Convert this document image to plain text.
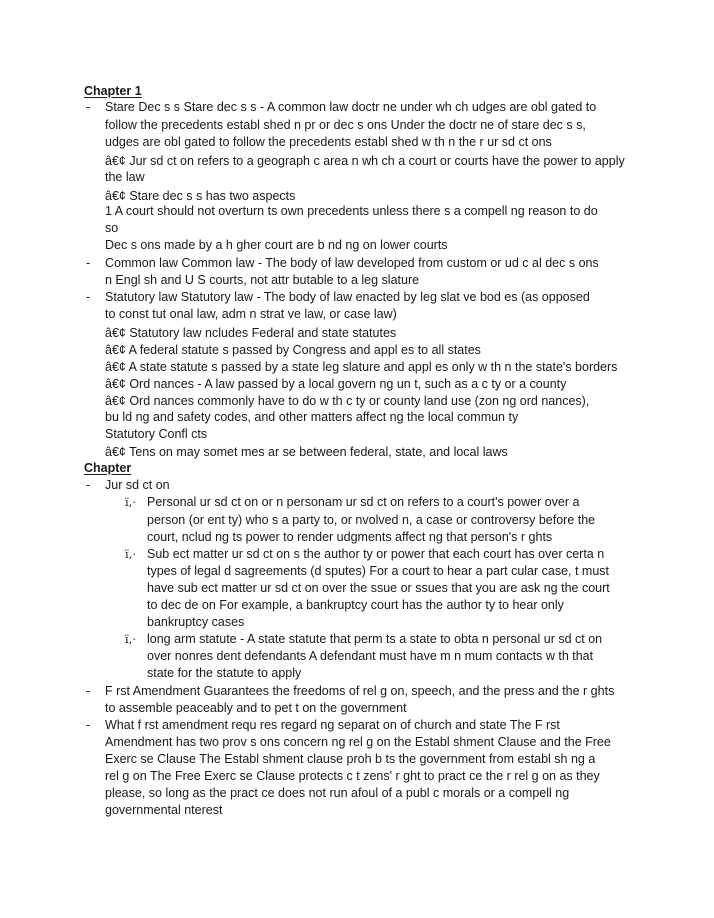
Chapter 1
- Stare Dec s s Stare dec s s - A common law doctr ne under wh ch udges are obl gated to
follow the precedents establ shed n pr or dec s ons Under the doctr ne of stare dec s s,
udges are obl gated to follow the precedents establ shed w th n the r ur sd ct ons
â€¢ Jur sd ct on refers to a geograph c area n wh ch a court or courts have the power to apply
the law
â€¢ Stare dec s s has two aspects
1 A court should not overturn ts own precedents unless there s a compell ng reason to do
so
Dec s ons made by a h gher court are b nd ng on lower courts
- Common law Common law - The body of law developed from custom or ud c al dec s ons
n Engl sh and U S courts, not attr butable to a leg slature
- Statutory law Statutory law - The body of law enacted by leg slat ve bod es (as opposed
to const tut onal law, adm n strat ve law, or case law)
â€¢ Statutory law ncludes Federal and state statutes
â€¢ A federal statute s passed by Congress and appl es to all states
â€¢ A state statute s passed by a state leg slature and appl es only w th n the state's borders
â€¢ Ord nances - A law passed by a local govern ng un t, such as a c ty or a county
â€¢ Ord nances commonly have to do w th c ty or county land use (zon ng ord nances),
bu ld ng and safety codes, and other matters affect ng the local commun ty
Statutory Confl cts
â€¢ Tens on may somet mes ar se between federal, state, and local laws
Chapter
- Jur sd ct on
ï‚· Personal ur sd ct on or n personam ur sd ct on refers to a court's power over a
person (or ent ty) who s a party to, or nvolved n, a case or controversy before the
court, nclud ng ts power to render udgments affect ng that person's r ghts
ï‚· Sub ect matter ur sd ct on s the author ty or power that each court has over certa n
types of legal d sagreements (d sputes) For a court to hear a part cular case, t must
have sub ect matter ur sd ct on over the ssue or ssues that you are ask ng the court
to dec de on For example, a bankruptcy court has the author ty to hear only
bankruptcy cases
ï‚· long arm statute - A state statute that perm ts a state to obta n personal ur sd ct on
over nonres dent defendants A defendant must have m n mum contacts w th that
state for the statute to apply
- F rst Amendment Guarantees the freedoms of rel g on, speech, and the press and the r ghts
to assemble peaceably and to pet t on the government
- What f rst amendment requ res regard ng separat on of church and state The F rst
Amendment has two prov s ons concern ng rel g on the Establ shment Clause and the Free
Exerc se Clause The Establ shment clause proh b ts the government from establ sh ng a
rel g on The Free Exerc se Clause protects c t zens' r ght to pract ce the r rel g on as they
please, so long as the pract ce does not run afoul of a publ c morals or a compell ng
governmental nterest
